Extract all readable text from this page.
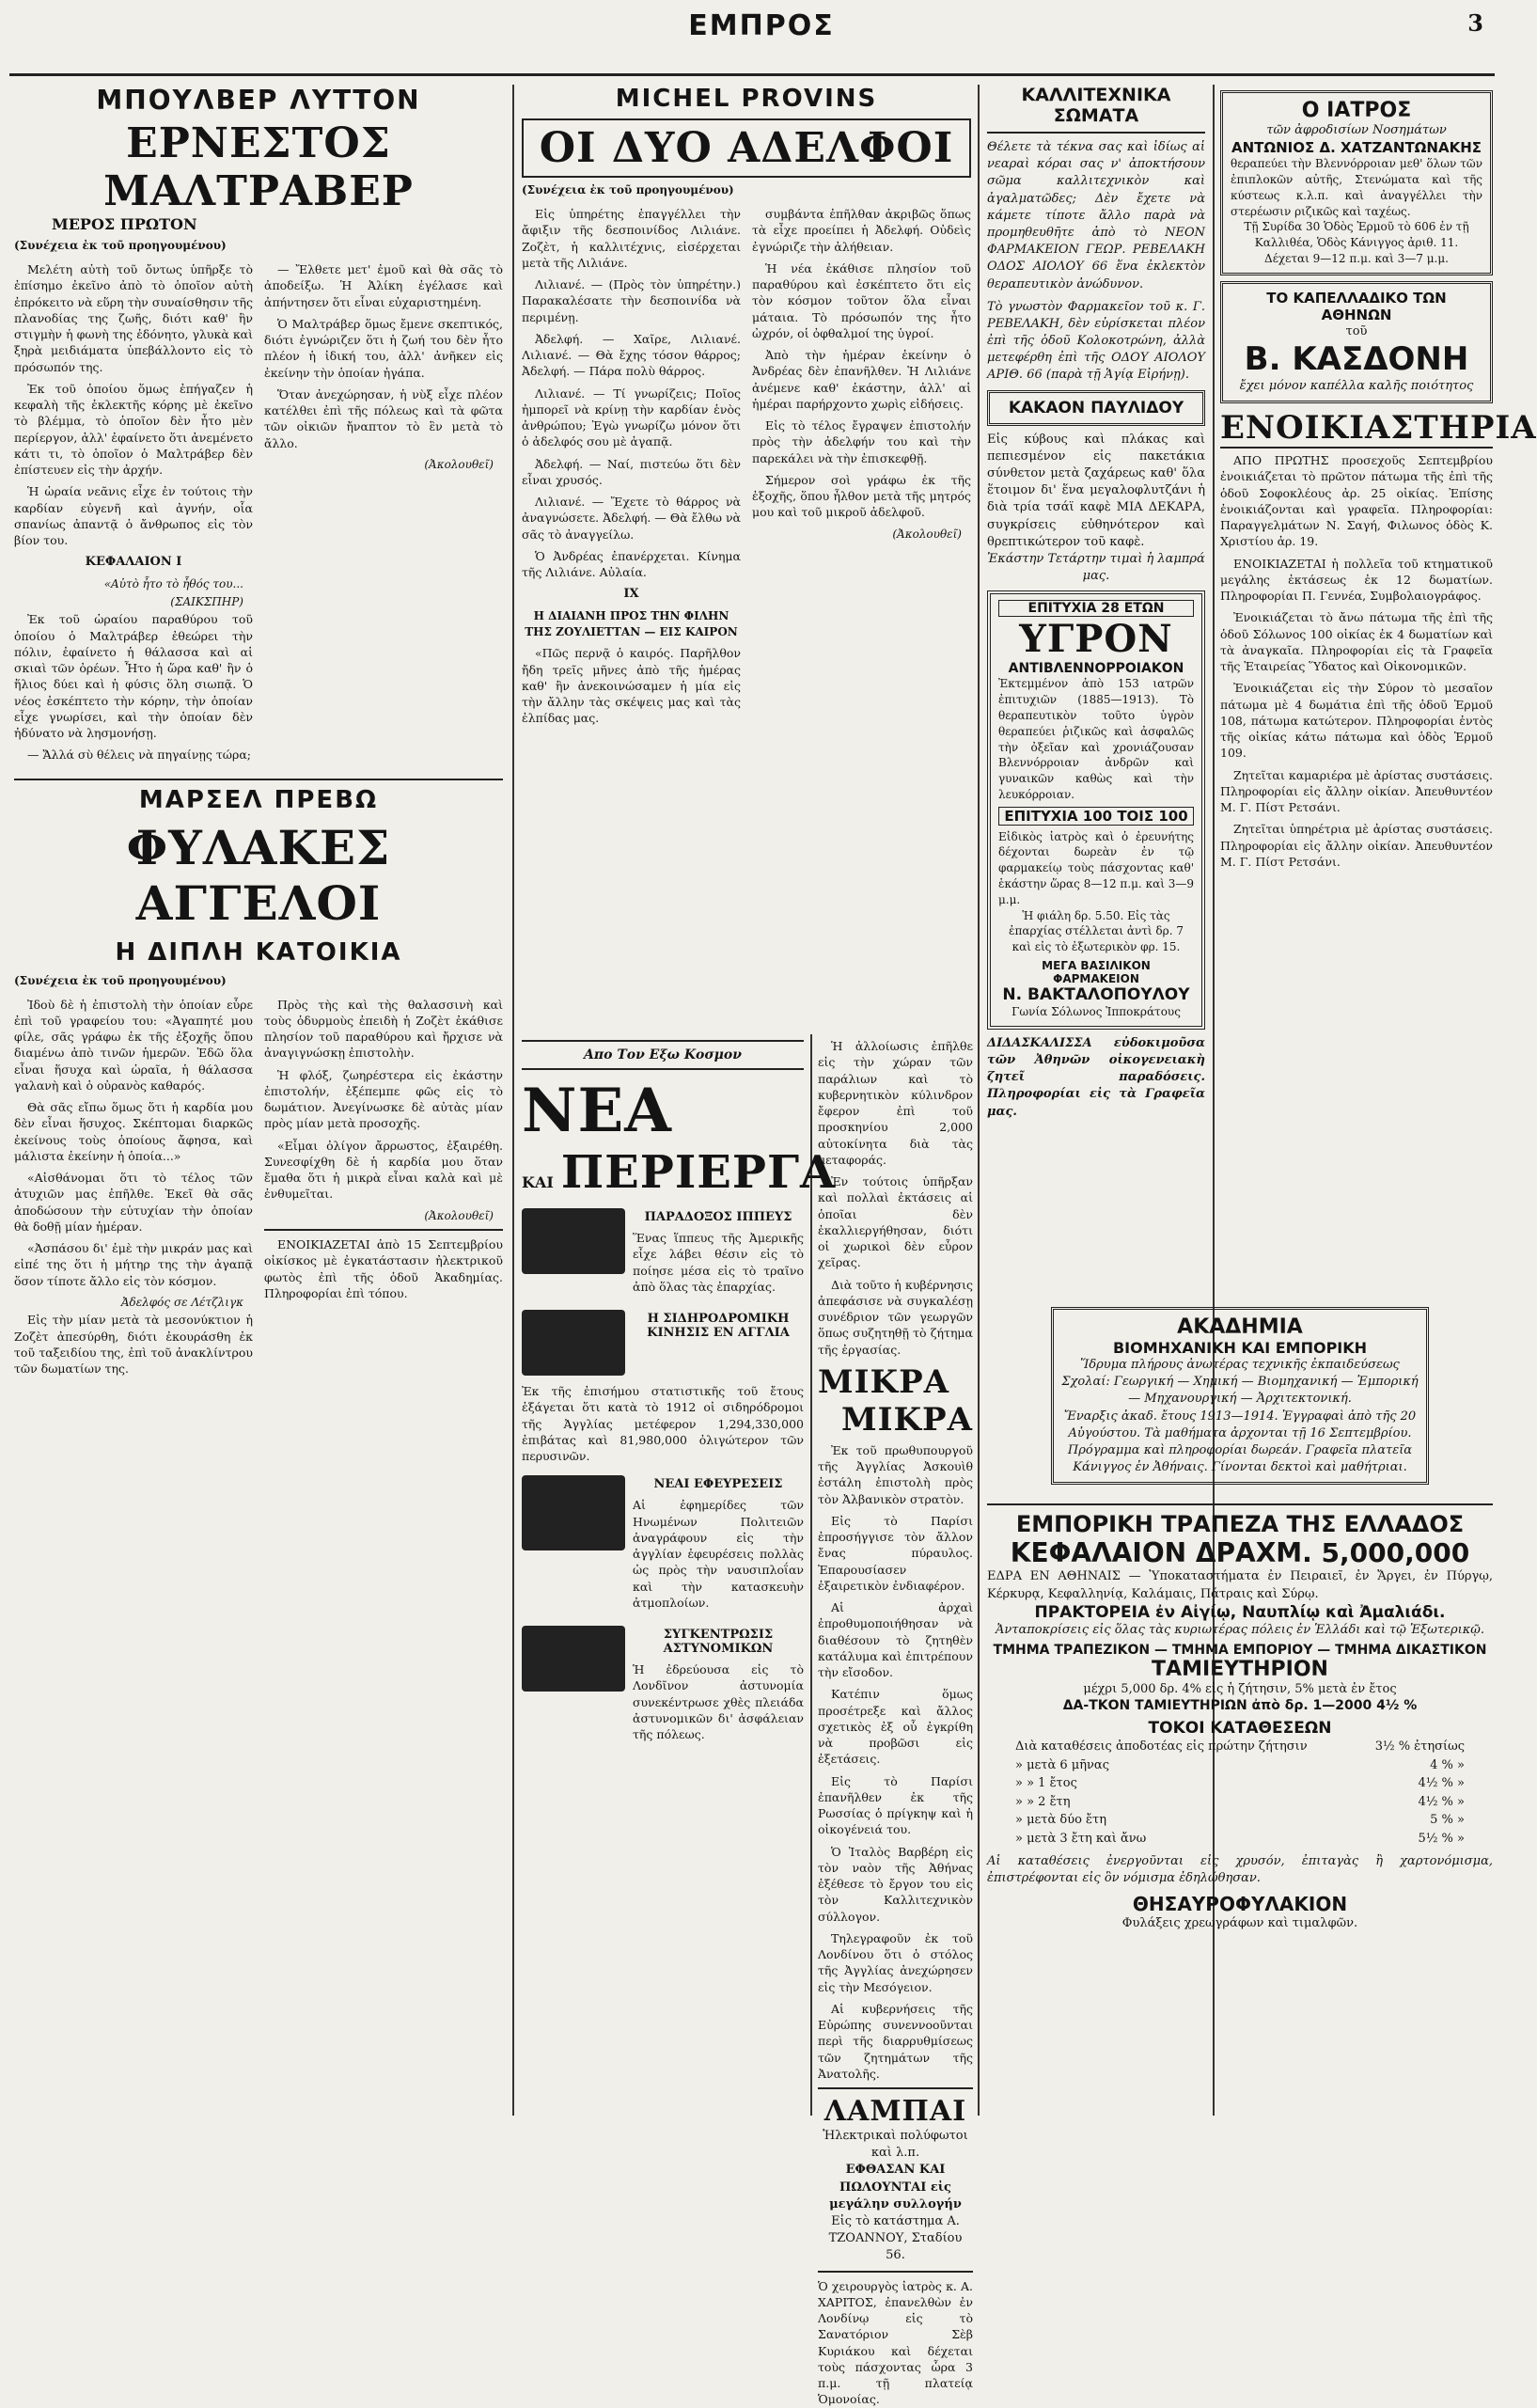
ΕΜΠΡΟΣ	3
ΜΠΟΥΛΒΕΡ ΛΥΤΤΟΝ
ΕΡΝΕΣΤΟΣ ΜΑΛΤΡΑΒΕΡ
ΜΕΡΟΣ ΠΡΩΤΟΝ
(Συνέχεια ἐκ τοῦ προηγουμένου)

Μελέτη αὐτὴ τοῦ ὄντως ὑπῆρξε τὸ ἐπίσημο ἐκεῖνο ἀπὸ τὸ ὁποῖον αὐτὴ ἐπρόκειτο νὰ εὕρη τὴν συναίσθησιν τῆς πλανοδίας της ζωῆς, διότι καθ' ἣν στιγμὴν ἡ φωνὴ της ἐδόνητο, γλυκὰ καὶ ξηρὰ μειδιάματα ὑπεβάλλοντο εἰς τὸ πρόσωπόν της.

Ἐκ τοῦ ὁποίου ὅμως ἐπήγαζεν ἡ κεφαλὴ τῆς ἐκλεκτῆς κόρης μὲ ἐκεῖνο τὸ βλέμμα, τὸ ὁποῖον δὲν ἦτο μὲν περίεργον, ἀλλ' ἐφαίνετο ὅτι ἀνεμένετο κάτι τι, τὸ ὁποῖον ὁ Μαλτράβερ δὲν ἐπίστευεν εἰς τὴν ἀρχήν.

Ἡ ὡραία νεᾶνις εἶχε ἐν τούτοις τὴν καρδίαν εὐγενῆ καὶ ἀγνήν, οἷα σπανίως ἀπαντᾷ ὁ ἄνθρωπος εἰς τὸν βίον του.

ΚΕΦΑΛΑΙΟΝ Ι
«Αὐτὸ ἦτο τὸ ἦθός του...
(ΣΑΙΚΣΠΗΡ)

Ἐκ τοῦ ὡραίου παραθύρου τοῦ ὁποίου ὁ Μαλτράβερ ἐθεώρει τὴν πόλιν, ἐφαίνετο ἡ θάλασσα καὶ αἱ σκιαὶ τῶν ὀρέων. Ἦτο ἡ ὥρα καθ' ἣν ὁ ἥλιος δύει καὶ ἡ φύσις ὅλη σιωπᾷ. Ὁ νέος ἐσκέπτετο τὴν κόρην, τὴν ὁποίαν εἶχε γνωρίσει, καὶ τὴν ὁποίαν δὲν ἠδύνατο νὰ λησμονήσῃ.

— Ἄλλά σὺ θέλεις νὰ πηγαίνῃς τώρα;

— Ἔλθετε μετ' ἐμοῦ καὶ θὰ σᾶς τὸ ἀποδείξω. Ἡ Ἀλίκη ἐγέλασε καὶ ἀπήντησεν ὅτι εἶναι εὐχαριστημένη.

Ὁ Μαλτράβερ ὅμως ἔμενε σκεπτικός, διότι ἐγνώριζεν ὅτι ἡ ζωή του δὲν ἦτο πλέον ἡ ἰδική του, ἀλλ' ἀνῆκεν εἰς ἐκείνην τὴν ὁποίαν ἠγάπα.

Ὅταν ἀνεχώρησαν, ἡ νὺξ εἶχε πλέον κατέλθει ἐπὶ τῆς πόλεως καὶ τὰ φῶτα τῶν οἰκιῶν ἤναπτον τὸ ἓν μετὰ τὸ ἄλλο.

(Ἀκολουθεῖ)
ΜΑΡΣΕΛ ΠΡΕΒΩ
ΦΥΛΑΚΕΣ ΑΓΓΕΛΟΙ
Η ΔΙΠΛΗ ΚΑΤΟΙΚΙΑ
(Συνέχεια ἐκ τοῦ προηγουμένου)

Ἰδοὺ δὲ ἡ ἐπιστολὴ τὴν ὁποίαν εὗρε ἐπὶ τοῦ γραφείου του: «Ἀγαπητέ μου φίλε, σᾶς γράφω ἐκ τῆς ἐξοχῆς ὅπου διαμένω ἀπὸ τινῶν ἡμερῶν. Ἐδῶ ὅλα εἶναι ἥσυχα καὶ ὡραῖα, ἡ θάλασσα γαλανὴ καὶ ὁ οὐρανὸς καθαρός.

Θὰ σᾶς εἴπω ὅμως ὅτι ἡ καρδία μου δὲν εἶναι ἥσυχος. Σκέπτομαι διαρκῶς ἐκείνους τοὺς ὁποίους ἄφησα, καὶ μάλιστα ἐκείνην ἡ ὁποία...»

«Αἰσθάνομαι ὅτι τὸ τέλος τῶν ἀτυχιῶν μας ἐπῆλθε. Ἐκεῖ θὰ σᾶς ἀποδώσουν τὴν εὐτυχίαν τὴν ὁποίαν θὰ δοθῇ μίαν ἡμέραν.

«Ἀσπάσου δι' ἐμὲ τὴν μικράν μας καὶ εἰπέ της ὅτι ἡ μήτηρ της τὴν ἀγαπᾷ ὅσον τίποτε ἄλλο εἰς τὸν κόσμον.

Ἀδελφός σε Λέτζλιγκ

Εἰς τὴν μίαν μετὰ τὰ μεσονύκτιον ἡ Ζοζὲτ ἀπεσύρθη, διότι ἐκουράσθη ἐκ τοῦ ταξειδίου της, ἐπὶ τοῦ ἀνακλίντρου τῶν δωματίων της.

Πρὸς τὴς καὶ τὴς θαλασσινὴ καὶ τοὺς ὁδυρμοὺς ἐπειδὴ ἡ Ζοζὲτ ἐκάθισε πλησίον τοῦ παραθύρου καὶ ἤρχισε νὰ ἀναγιγνώσκῃ ἐπιστολὴν.

Ἡ φλόξ, ζωηρέστερα εἰς ἐκάστην ἐπιστολήν, ἐξέπεμπε φῶς εἰς τὸ δωμάτιον. Ἀνεγίνωσκε δὲ αὐτὰς μίαν πρὸς μίαν μετὰ προσοχῆς.

«Εἶμαι ὀλίγον ἄρρωστος, ἐξαιρέθη. Συνεσφίχθη δὲ ἡ καρδία μου ὅταν ἔμαθα ὅτι ἡ μικρὰ εἶναι καλὰ καὶ μὲ ἐνθυμεῖται.

(Ἀκολουθεῖ)

ΕΝΟΙΚΙΑΖΕΤΑΙ ἀπὸ 15 Σεπτεμβρίου οἰκίσκος μὲ ἐγκατάστασιν ἠλεκτρικοῦ φωτὸς ἐπὶ τῆς ὁδοῦ Ἀκαδημίας. Πληροφορίαι ἐπὶ τόπου.

MICHEL PROVINS
ΟΙ ΔΥΟ ΑΔΕΛΦΟΙ
(Συνέχεια ἐκ τοῦ προηγουμένου)

Εἰς ὑπηρέτης ἐπαγγέλλει τὴν ἄφιξιν τῆς δεσποινίδος Λιλιάνε. Ζοζὲτ, ἡ καλλιτέχνις, εἰσέρχεται μετὰ τῆς Λιλιάνε.

Λιλιανέ. — (Πρὸς τὸν ὑπηρέτην.) Παρακαλέσατε τὴν δεσποινίδα νὰ περιμένῃ.

Ἀδελφή. — Χαῖρε, Λιλιανέ. Λιλιανέ. — Θὰ ἔχης τόσον θάρρος; Ἀδελφή. — Πάρα πολὺ θάρρος.

Λιλιανέ. — Τί γνωρίζεις; Ποῖος ἠμπορεῖ νὰ κρίνῃ τὴν καρδίαν ἑνὸς ἀνθρώπου; Ἐγὼ γνωρίζω μόνον ὅτι ὁ ἀδελφός σου μὲ ἀγαπᾷ.

Ἀδελφή. — Ναί, πιστεύω ὅτι δὲν εἶναι χρυσός.

Λιλιανέ. — Ἔχετε τὸ θάρρος νὰ ἀναγνώσετε. Ἀδελφή. — Θὰ ἔλθω νὰ σᾶς τὸ ἀναγγείλω.

Ὁ Ἀνδρέας ἐπανέρχεται. Κίνημα τῆς Λιλιάνε. Αὐλαία.

IX
Η ΔΙΑΙΑΝΗ ΠΡΟΣ ΤΗΝ ΦΙΛΗΝ ΤΗΣ ΖΟΥΛΙΕΤΤΑΝ — ΕΙΣ ΚΑΙΡΟΝ

«Πῶς περνᾷ ὁ καιρός. Παρῆλθον ἤδη τρεῖς μῆνες ἀπὸ τῆς ἡμέρας καθ' ἣν ἀνεκοινώσαμεν ἡ μία εἰς τὴν ἄλλην τὰς σκέψεις μας καὶ τὰς ἐλπίδας μας.

συμβάντα ἐπῆλθαν ἀκριβῶς ὅπως τὰ εἶχε προείπει ἡ Ἀδελφή. Οὐδεὶς ἐγνώριζε τὴν ἀλήθειαν.

Ἡ νέα ἐκάθισε πλησίον τοῦ παραθύρου καὶ ἐσκέπτετο ὅτι εἰς τὸν κόσμον τοῦτον ὅλα εἶναι μάταια. Τὸ πρόσωπόν της ἦτο ὠχρόν, οἱ ὀφθαλμοί της ὑγροί.

Ἀπὸ τὴν ἡμέραν ἐκείνην ὁ Ἀνδρέας δὲν ἐπανῆλθεν. Ἡ Λιλιάνε ἀνέμενε καθ' ἑκάστην, ἀλλ' αἱ ἡμέραι παρήρχοντο χωρὶς εἰδήσεις.

Εἰς τὸ τέλος ἔγραψεν ἐπιστολήν πρὸς τὴν ἀδελφήν του καὶ τὴν παρεκάλει νὰ τὴν ἐπισκεφθῇ.

Σήμερον σοὶ γράφω ἐκ τῆς ἐξοχῆς, ὅπου ἦλθον μετὰ τῆς μητρός μου καὶ τοῦ μικροῦ ἀδελφοῦ.

(Ἀκολουθεῖ)
Απο Τον Εξω Κοσμον
ΝΕΑ
ΚΑΙ ΠΕΡΙΕΡΓΑ
ΠΑΡΑΔΟΞΟΣ ΙΠΠΕΥΣ
Ἕνας ἵππευς τῆς Ἀμερικῆς εἶχε λάβει θέσιν εἰς τὸ ποίησε μέσα εἰς τὸ τραῖνο ἀπὸ ὅλας τὰς ἐπαρχίας.
Η ΣΙΔΗΡΟΔΡΟΜΙΚΗ ΚΙΝΗΣΙΣ ΕΝ ΑΓΓΛΙΑ
Ἐκ τῆς ἐπισήμου στατιστικῆς τοῦ ἔτους ἐξάγεται ὅτι κατὰ τὸ 1912 οἱ σιδηρόδρομοι τῆς Ἀγγλίας μετέφερον 1,294,330,000 ἐπιβάτας καὶ 81,980,000 ὀλιγώτερον τῶν περυσινῶν.
ΝΕΑΙ ΕΦΕΥΡΕΣΕΙΣ
Αἱ ἐφημερίδες τῶν Ηνωμένων Πολιτειῶν ἀναγράφουν εἰς τὴν ἀγγλίαν ἐφευρέσεις πολλὰς ὡς πρὸς τὴν ναυσιπλοΐαν καὶ τὴν κατασκευὴν ἀτμοπλοίων.
ΣΥΓΚΕΝΤΡΩΣΙΣ ΑΣΤΥΝΟΜΙΚΩΝ
Ἡ ἐδρεύουσα εἰς τὸ Λονδῖνον ἀστυνομία συνεκέντρωσε χθὲς πλειάδα ἀστυνομικῶν δι' ἀσφάλειαν τῆς πόλεως.

Ἡ ἀλλοίωσις ἐπῆλθε εἰς τὴν χώραν τῶν παράλιων καὶ τὸ κυβερνητικὸν κύλινδρον ἔφερον ἐπὶ τοῦ προσκηνίου 2,000 αὐτοκίνητα διὰ τὰς μεταφοράς.

Ἐν τούτοις ὑπῆρξαν καὶ πολλαὶ ἐκτάσεις αἱ ὁποῖαι δὲν ἐκαλλιεργήθησαν, διότι οἱ χωρικοὶ δὲν εὗρον χεῖρας.

Διὰ τοῦτο ἡ κυβέρνησις ἀπεφάσισε νὰ συγκαλέσῃ συνέδριον τῶν γεωργῶν ὅπως συζητηθῇ τὸ ζήτημα τῆς ἐργασίας.

ΜΙΚΡΑ
ΜΙΚΡΑ

Ἐκ τοῦ πρωθυπουργοῦ τῆς Ἀγγλίας Ἀσκουὶθ ἐστάλη ἐπιστολὴ πρὸς τὸν Ἀλβανικὸν στρατὸν.

Εἰς τὸ Παρίσι ἐπροσήγγισε τὸν ἄλλον ἔνας πύραυλος. Ἐπαρουσίασεν ἐξαιρετικὸν ἐνδιαφέρον.

Αἱ ἀρχαὶ ἐπροθυμοποιήθησαν νὰ διαθέσουν τὸ ζητηθὲν κατάλυμα καὶ ἐπιτρέπουν τὴν εἴσοδον.

Κατέπιν ὅμως προσέτρεξε καὶ ἄλλος σχετικὸς ἐξ οὗ ἐγκρίθη νὰ προβῶσι εἰς ἐξετάσεις.

Εἰς τὸ Παρίσι ἐπανῆλθεν ἐκ τῆς Ρωσσίας ὁ πρίγκηψ καὶ ἡ οἰκογένειά του.

Ὁ Ἰταλὸς Βαρβέρη εἰς τὸν ναὸν τῆς Ἀθήνας ἐξέθεσε τὸ ἔργον του εἰς τὸν Καλλιτεχνικὸν σύλλογον.

Τηλεγραφοῦν ἐκ τοῦ Λονδίνου ὅτι ὁ στόλος τῆς Ἀγγλίας ἀνεχώρησεν εἰς τὴν Μεσόγειον.

Αἱ κυβερνήσεις τῆς Εὐρώπης συνεννοοῦνται περὶ τῆς διαρρυθμίσεως τῶν ζητημάτων τῆς Ἀνατολῆς.

ΛΑΜΠΑΙ
Ἠλεκτρικαὶ πολύφωτοι καὶ λ.π.
ΕΦΘΑΣΑΝ ΚΑΙ ΠΩΛΟΥΝΤΑΙ εἰς μεγάλην συλλογήν
Εἰς τὸ κατάστημα Α. ΤΖΟΑΝΝΟΥ, Σταδίου 56.
Ὁ χειρουργὸς ἰατρὸς κ. Α. ΧΑΡΙΤΟΣ, ἐπανελθὼν ἐν Λονδίνῳ εἰς τὸ Σανατόριον Σὲβ Κυριάκου καὶ δέχεται τοὺς πάσχοντας ὧρα 3 π.μ. τῇ πλατείᾳ Ὁμονοίας.
ΚΑΛΛΙΤΕΧΝΙΚΑ ΣΩΜΑΤΑ
Θέλετε τὰ τέκνα σας καὶ ἰδίως αἱ νεαραὶ κόραι σας ν' ἀποκτήσουν σῶμα καλλιτεχνικὸν καὶ ἀγαλματῶδες; Δὲν ἔχετε νὰ κάμετε τίποτε ἄλλο παρὰ νὰ προμηθευθῆτε ἀπὸ τὸ ΝΕΟΝ ΦΑΡΜΑΚΕΙΟΝ ΓΕΩΡ. ΡΕΒΕΛΑΚΗ ΟΔΟΣ ΑΙΟΛΟΥ 66 ἕνα ἐκλεκτὸν θεραπευτικὸν ἀνώδυνον.
Τὸ γνωστὸν Φαρμακεῖον τοῦ κ. Γ. ΡΕΒΕΛΑΚΗ, δὲν εὑρίσκεται πλέον ἐπὶ τῆς ὁδοῦ Κολοκοτρώνη, ἀλλὰ μετεφέρθη ἐπὶ τῆς ΟΔΟΥ ΑΙΟΛΟΥ ΑΡΙΘ. 66 (παρὰ τῇ Ἁγίᾳ Εἰρήνῃ).
ΚΑΚΑΟΝ ΠΑΥΛΙΔΟΥ
Εἰς κύβους καὶ πλάκας καὶ πεπιεσμένον εἰς πακετάκια σύνθετον μετὰ ζαχάρεως καθ' ὅλα ἕτοιμον δι' ἕνα μεγαλοφλυτζάνι ἡ διὰ τρία τσάϊ καφὲ ΜΙΑ ΔΕΚΑΡΑ, συγκρίσεις εὐθηνότερον καὶ θρεπτικώτερον τοῦ καφὲ.
Ἐκάστην Τετάρτην τιμαὶ ἡ λαμπρά μας.
ΕΠΙΤΥΧΙΑ 28 ΕΤΩΝ
ΥΓΡΟΝ
ΑΝΤΙΒΛΕΝΝΟΡΡΟΙΑΚΟΝ
Ἐκτεμμένον ἀπὸ 153 ιατρῶν ἐπιτυχιῶν (1885—1913). Τὸ θεραπευτικὸν τοῦτο ὑγρὸν θεραπεύει ῥιζικῶς καὶ ἀσφαλῶς τὴν ὀξεῖαν καὶ χρονιάζουσαν Βλεννόρροιαν ἀνδρῶν καὶ γυναικῶν καθὼς καὶ τὴν λευκόρροιαν.
ΕΠΙΤΥΧΙΑ 100 ΤΟΙΣ 100
Εἰδικὸς ἰατρὸς καὶ ὁ ἐρευνήτης δέχονται δωρεὰν ἐν τῷ φαρμακείῳ τοὺς πάσχοντας καθ' ἑκάστην ὥρας 8—12 π.μ. καὶ 3—9 μ.μ.
Ἡ φιάλη δρ. 5.50. Εἰς τὰς ἐπαρχίας στέλλεται ἀντὶ δρ. 7 καὶ εἰς τὸ ἐξωτερικὸν φρ. 15.
ΜΕΓΑ ΒΑΣΙΛΙΚΟΝ ΦΑΡΜΑΚΕΙΟΝ
Ν. ΒΑΚΤΑΛΟΠΟΥΛΟΥ
Γωνία Σόλωνος Ἱπποκράτους
ΔΙΔΑΣΚΑΛΙΣΣΑ εὐδοκιμοῦσα τῶν Ἀθηνῶν οἰκογενειακὴ ζητεῖ παραδόσεις. Πληροφορίαι εἰς τὰ Γραφεῖα μας.
Ο ΙΑΤΡΟΣ
τῶν ἀφροδισίων Νοσημάτων
ΑΝΤΩΝΙΟΣ Δ. ΧΑΤΖΑΝΤΩΝΑΚΗΣ
θεραπεύει τὴν Βλεννόρροιαν μεθ' ὅλων τῶν ἐπιπλοκῶν αὐτῆς, Στενώματα καὶ τῆς κύστεως κ.λ.π. καὶ ἀναγγέλλει τὴν στερέωσιν ριζικῶς καὶ ταχέως.
Τῇ Συρίδα 30 Ὁδὸς Ἐρμοῦ τὸ 606 ἐν τῇ Καλλιθέα, Ὁδὸς Κάνιγγος ἀριθ. 11. Δέχεται 9—12 π.μ. καὶ 3—7 μ.μ.
ΤΟ ΚΑΠΕΛΛΑΔΙΚΟ ΤΩΝ ΑΘΗΝΩΝ
τοῦ
Β. ΚΑΣΔΟΝΗ
ἔχει μόνον καπέλλα καλῆς ποιότητος
ΕΝΟΙΚΙΑΣΤΗΡΙΑ

ΑΠΟ ΠΡΩΤΗΣ προσεχοῦς Σεπτεμβρίου ἐνοικιάζεται τὸ πρῶτον πάτωμα τῆς ἐπὶ τῆς ὁδοῦ Σοφοκλέους ἀρ. 25 οἰκίας. Ἐπίσης ἐνοικιάζονται καὶ γραφεῖα. Πληροφορίαι: Παραγγελμάτων Ν. Σαγή, Φιλωνος ὁδὸς Κ. Χριστίου ἀρ. 19.

ΕΝΟΙΚΙΑΖΕΤΑΙ ἡ πολλεῖα τοῦ κτηματικοῦ μεγάλης ἐκτάσεως ἐκ 12 δωματίων. Πληροφορίαι Π. Γεννέα, Συμβολαιογράφος.

Ἐνοικιάζεται τὸ ἄνω πάτωμα τῆς ἐπὶ τῆς ὁδοῦ Σόλωνος 100 οἰκίας ἐκ 4 δωματίων καὶ τὰ ἀναγκαῖα. Πληροφορίαι εἰς τὰ Γραφεῖα τῆς Ἑταιρείας Ὕδατος καὶ Οἰκονομικῶν.

Ἐνοικιάζεται εἰς τὴν Σύρον τὸ μεσαῖον πάτωμα μὲ 4 δωμάτια ἐπὶ τῆς ὁδοῦ Ἑρμοῦ 108, πάτωμα κατώτερον. Πληροφορίαι ἐντὸς τῆς οἰκίας κάτω πάτωμα καὶ ὁδὸς Ἑρμοῦ 109.

Ζητεῖται καμαριέρα μὲ ἀρίστας συστάσεις. Πληροφορίαι εἰς ἄλλην οἰκίαν. Ἀπευθυντέον Μ. Γ. Πίστ Ρετσάνι.

Ζητεῖται ὑπηρέτρια μὲ ἀρίστας συστάσεις. Πληροφορίαι εἰς ἄλλην οἰκίαν. Ἀπευθυντέον Μ. Γ. Πίστ Ρετσάνι.

ΑΚΑΔΗΜΙΑ
ΒΙΟΜΗΧΑΝΙΚΗ ΚΑΙ ΕΜΠΟΡΙΚΗ
Ἵδρυμα πλήρους ἀνωτέρας τεχνικῆς ἐκπαιδεύσεως
Σχολαί: Γεωργική — Χημική — Βιομηχανική — Ἐμπορική — Μηχανουργική — Ἀρχιτεκτονική.
Ἔναρξις ἀκαδ. ἔτους 1913—1914. Ἐγγραφαὶ ἀπὸ τῆς 20 Αὐγούστου. Τὰ μαθήματα ἀρχονται τῇ 16 Σεπτεμβρίου.
Πρόγραμμα καὶ πληροφορίαι δωρεάν. Γραφεῖα πλατεῖα Κάνιγγος ἐν Ἀθήναις. Γίνονται δεκτοὶ καὶ μαθήτριαι.
ΕΜΠΟΡΙΚΗ ΤΡΑΠΕΖΑ ΤΗΣ ΕΛΛΑΔΟΣ
ΚΕΦΑΛΑΙΟΝ ΔΡΑΧΜ. 5,000,000
ΕΔΡΑ ΕΝ ΑΘΗΝΑΙΣ — Ὑποκαταστήματα ἐν Πειραιεῖ, ἐν Ἄργει, ἐν Πύργῳ, Κέρκυρᾳ, Κεφαλληνίᾳ, Καλάμαις, Πάτραις καὶ Σύρῳ.
ΠΡΑΚΤΟΡΕΙΑ ἐν Αἰγίῳ, Ναυπλίῳ καὶ Ἀμαλιάδι.
Ἀνταποκρίσεις εἰς ὅλας τὰς κυριωτέρας πόλεις ἐν Ἑλλάδι καὶ τῷ Ἐξωτερικῷ.
ΤΜΗΜΑ ΤΡΑΠΕΖΙΚΟΝ — ΤΜΗΜΑ ΕΜΠΟΡΙΟΥ — ΤΜΗΜΑ ΔΙΚΑΣΤΙΚΟΝ
ΤΑΜΙΕΥΤΗΡΙΟΝ
μέχρι 5,000 δρ. 4% εἰς ἡ ζήτησιν, 5% μετὰ ἐν ἔτος
ΔΑ-ΤΚΟΝ ΤΑΜΙΕΥΤΗΡΙΩΝ ἀπὸ δρ. 1—2000 4½ %
ΤΟΚΟΙ ΚΑΤΑΘΕΣΕΩΝ
Διὰ καταθέσεις ἀποδοτέας εἰς πρώτην ζήτησιν	3½ % ἐτησίως
» μετὰ 6 μῆνας	4 % »
» » 1 ἔτος	4½ % »
» » 2 ἔτη	4½ % »
» μετὰ δύο ἔτη	5 % »
» μετὰ 3 ἔτη καὶ ἄνω	5½ % »
Αἱ καταθέσεις ἐνεργοῦνται εἰς χρυσόν, ἐπιταγὰς ἢ χαρτονόμισμα, ἐπιστρέφονται εἰς ὃν νόμισμα ἐδηλώθησαν.
ΘΗΣΑΥΡΟΦΥΛΑΚΙΟΝ
Φυλάξεις χρεωγράφων καὶ τιμαλφῶν.
